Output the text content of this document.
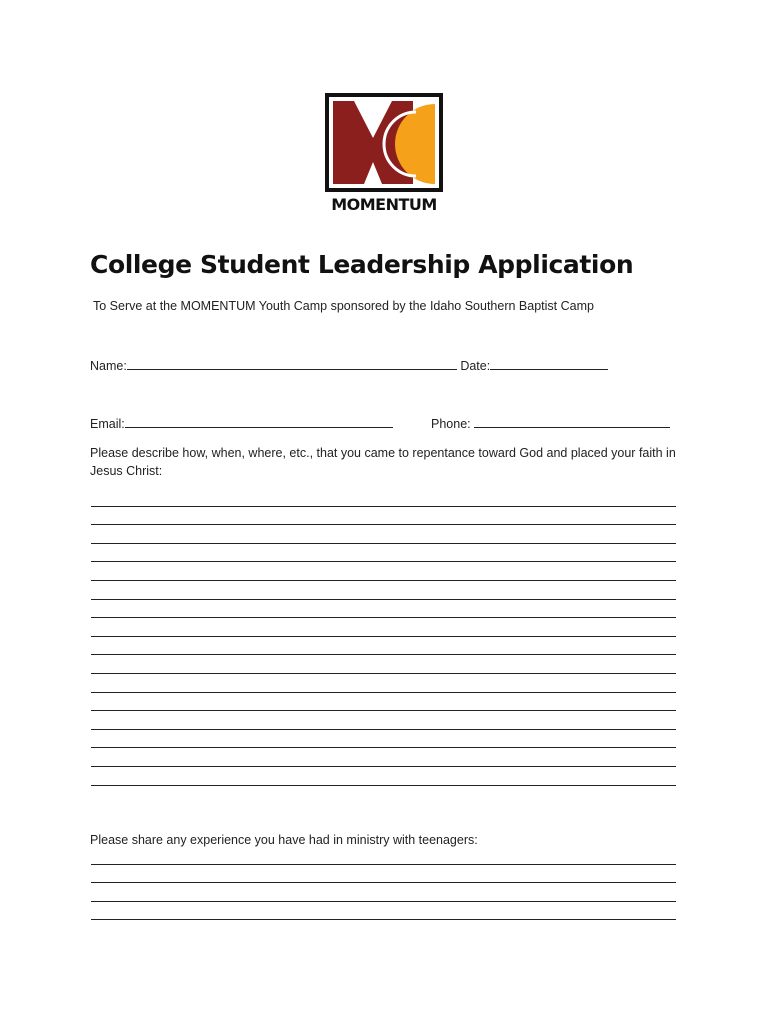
MOMENTUM
College Student Leadership Application
To Serve at the MOMENTUM Youth Camp sponsored by the Idaho Southern Baptist Camp
Name:	Date:
Email:	Phone:
Please describe how, when, where, etc., that you came to repentance toward God and placed your faith in Jesus Christ:
Please share any experience you have had in ministry with teenagers:
